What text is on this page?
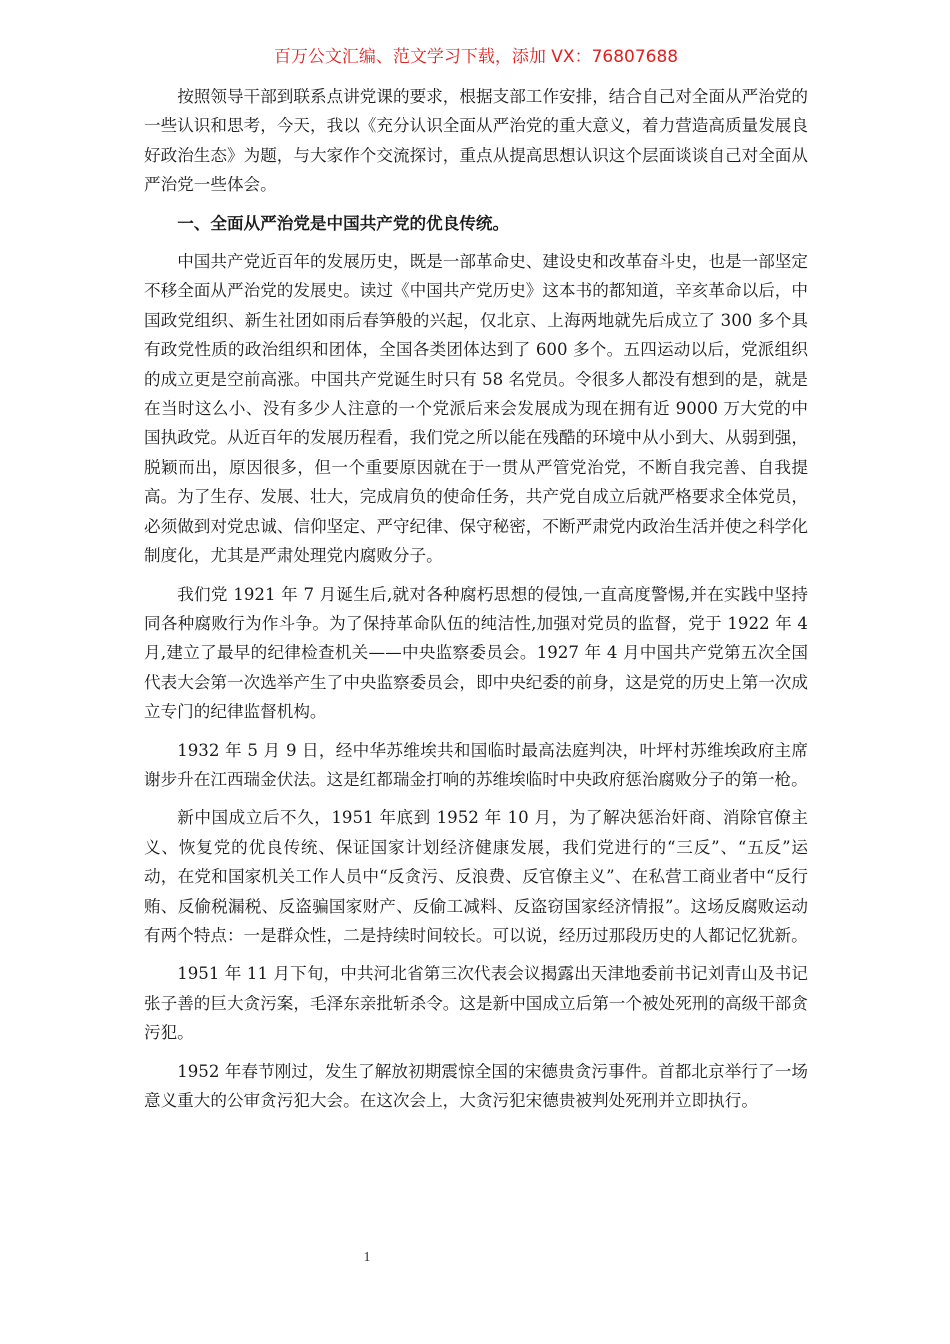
百万公文汇编、范文学习下载，添加 VX：76807688

按照领导干部到联系点讲党课的要求，根据支部工作安排，结合自己对全面从严治党的一些认识和思考，今天，我以《充分认识全面从严治党的重大意义，着力营造高质量发展良好政治生态》为题，与大家作个交流探讨，重点从提高思想认识这个层面谈谈自己对全面从严治党一些体会。

一、全面从严治党是中国共产党的优良传统。

中国共产党近百年的发展历史，既是一部革命史、建设史和改革奋斗史，也是一部坚定不移全面从严治党的发展史。读过《中国共产党历史》这本书的都知道，辛亥革命以后，中国政党组织、新生社团如雨后春笋般的兴起，仅北京、上海两地就先后成立了 300 多个具有政党性质的政治组织和团体，全国各类团体达到了 600 多个。五四运动以后，党派组织的成立更是空前高涨。中国共产党诞生时只有 58 名党员。令很多人都没有想到的是，就是在当时这么小、没有多少人注意的一个党派后来会发展成为现在拥有近 9000 万大党的中国执政党。从近百年的发展历程看，我们党之所以能在残酷的环境中从小到大、从弱到强，脱颖而出，原因很多，但一个重要原因就在于一贯从严管党治党，不断自我完善、自我提高。为了生存、发展、壮大，完成肩负的使命任务，共产党自成立后就严格要求全体党员，必须做到对党忠诚、信仰坚定、严守纪律、保守秘密，不断严肃党内政治生活并使之科学化制度化，尤其是严肃处理党内腐败分子。

我们党 1921 年 7 月诞生后,就对各种腐朽思想的侵蚀,一直高度警惕,并在实践中坚持同各种腐败行为作斗争。为了保持革命队伍的纯洁性,加强对党员的监督，党于 1922 年 4 月,建立了最早的纪律检查机关——中央监察委员会。1927 年 4 月中国共产党第五次全国代表大会第一次选举产生了中央监察委员会，即中央纪委的前身，这是党的历史上第一次成立专门的纪律监督机构。

1932 年 5 月 9 日，经中华苏维埃共和国临时最高法庭判决，叶坪村苏维埃政府主席谢步升在江西瑞金伏法。这是红都瑞金打响的苏维埃临时中央政府惩治腐败分子的第一枪。

新中国成立后不久，1951 年底到 1952 年 10 月，为了解决惩治奸商、消除官僚主义、恢复党的优良传统、保证国家计划经济健康发展，我们党进行的“三反”、“五反”运动，在党和国家机关工作人员中“反贪污、反浪费、反官僚主义”、在私营工商业者中“反行贿、反偷税漏税、反盗骗国家财产、反偷工减料、反盗窃国家经济情报”。这场反腐败运动有两个特点：一是群众性，二是持续时间较长。可以说，经历过那段历史的人都记忆犹新。

1951 年 11 月下旬，中共河北省第三次代表会议揭露出天津地委前书记刘青山及书记张子善的巨大贪污案，毛泽东亲批斩杀令。这是新中国成立后第一个被处死刑的高级干部贪污犯。

1952 年春节刚过，发生了解放初期震惊全国的宋德贵贪污事件。首都北京举行了一场意义重大的公审贪污犯大会。在这次会上，大贪污犯宋德贵被判处死刑并立即执行。

1
